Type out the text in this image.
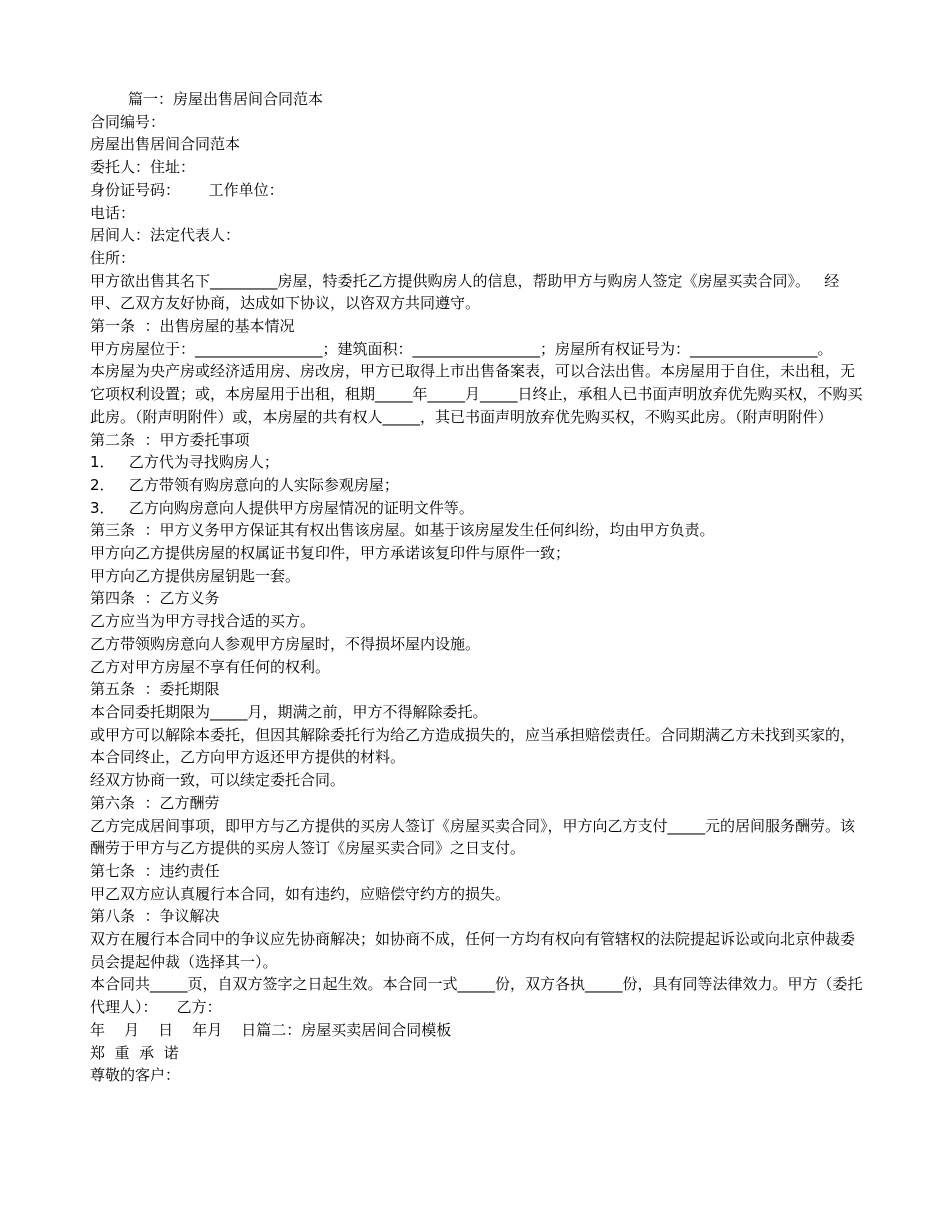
篇一：房屋出售居间合同范本
合同编号：
房屋出售居间合同范本
委托人：住址：
身份证号码：      工作单位：
电话：
居间人：法定代表人：
住所：
甲方欲出售其名下_________房屋，特委托乙方提供购房人的信息，帮助甲方与购房人签定《房屋买卖合同》。   经甲、乙双方友好协商，达成如下协议，以咨双方共同遵守。
第一条  ：出售房屋的基本情况
甲方房屋位于：_________________；建筑面积：_________________；房屋所有权证号为：_________________。
本房屋为央产房或经济适用房、房改房，甲方已取得上市出售备案表，可以合法出售。本房屋用于自住，未出租，无它项权利设置；或，本房屋用于出租，租期_____年_____月_____日终止，承租人已书面声明放弃优先购买权，不购买此房。（附声明附件）或，本房屋的共有权人_____，其已书面声明放弃优先购买权，不购买此房。（附声明附件）
第二条  ：甲方委托事项
1．   乙方代为寻找购房人；
2．   乙方带领有购房意向的人实际参观房屋；
3．   乙方向购房意向人提供甲方房屋情况的证明文件等。
第三条  ：甲方义务甲方保证其有权出售该房屋。如基于该房屋发生任何纠纷，均由甲方负责。
甲方向乙方提供房屋的权属证书复印件，甲方承诺该复印件与原件一致；
甲方向乙方提供房屋钥匙一套。
第四条  ：乙方义务
乙方应当为甲方寻找合适的买方。
乙方带领购房意向人参观甲方房屋时，不得损坏屋内设施。
乙方对甲方房屋不享有任何的权利。
第五条  ：委托期限
本合同委托期限为_____月，期满之前，甲方不得解除委托。
或甲方可以解除本委托，但因其解除委托行为给乙方造成损失的，应当承担赔偿责任。合同期满乙方未找到买家的，本合同终止，乙方向甲方返还甲方提供的材料。
经双方协商一致，可以续定委托合同。
第六条  ：乙方酬劳
乙方完成居间事项，即甲方与乙方提供的买房人签订《房屋买卖合同》，甲方向乙方支付_____元的居间服务酬劳。该酬劳于甲方与乙方提供的买房人签订《房屋买卖合同》之日支付。
第七条  ：违约责任
甲乙双方应认真履行本合同，如有违约，应赔偿守约方的损失。
第八条  ：争议解决
双方在履行本合同中的争议应先协商解决；如协商不成，任何一方均有权向有管辖权的法院提起诉讼或向北京仲裁委员会提起仲裁（选择其一）。
本合同共_____页，自双方签字之日起生效。本合同一式_____份，双方各执_____份，具有同等法律效力。甲方（委托代理人）：    乙方：
年    月    日    年月    日篇二：房屋买卖居间合同模板
郑  重  承  诺
尊敬的客户：
